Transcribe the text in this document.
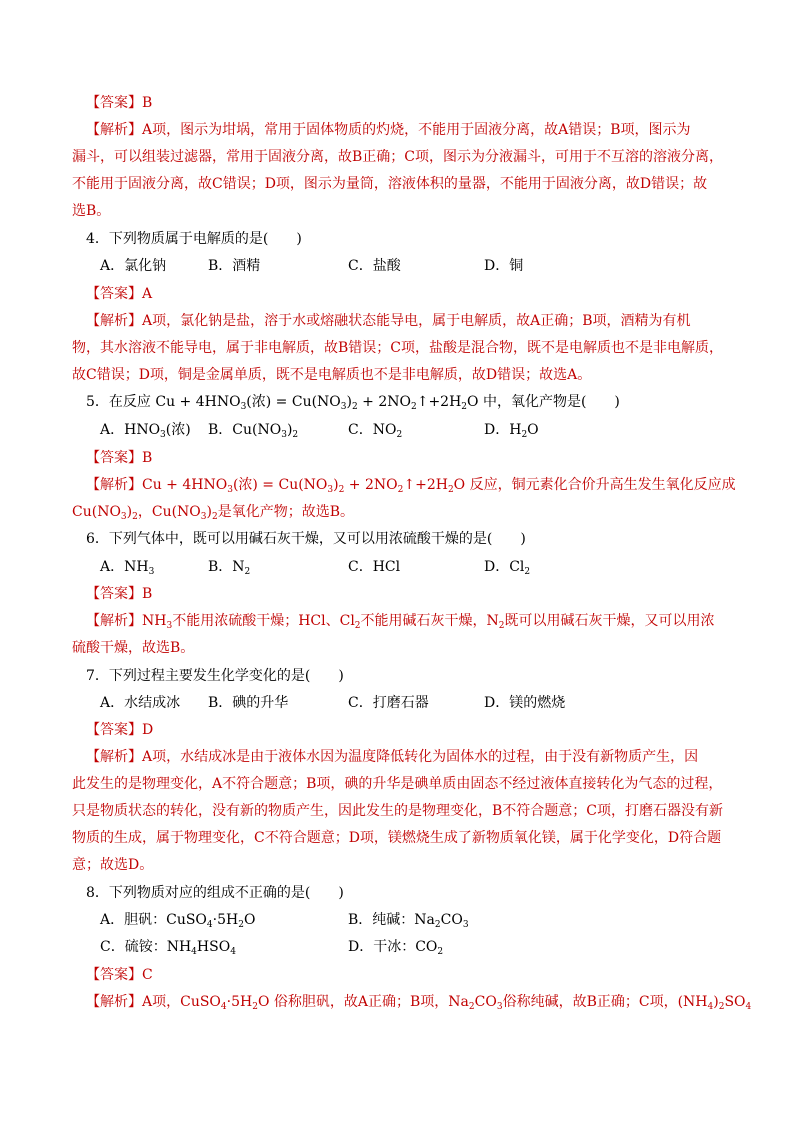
【答案】B
【解析】A项，图示为坩埚，常用于固体物质的灼烧，不能用于固液分离，故A错误；B项，图示为
漏斗，可以组装过滤器，常用于固液分离，故B正确；C项，图示为分液漏斗，可用于不互溶的溶液分离，
不能用于固液分离，故C错误；D项，图示为量筒，溶液体积的量器，不能用于固液分离，故D错误；故
选B。
4．下列物质属于电解质的是(　　)
A．氯化钠	B．酒精	C．盐酸	D．铜
【答案】A
【解析】A项，氯化钠是盐，溶于水或熔融状态能导电，属于电解质，故A正确；B项，酒精为有机
物，其水溶液不能导电，属于非电解质，故B错误；C项，盐酸是混合物，既不是电解质也不是非电解质，
故C错误；D项，铜是金属单质，既不是电解质也不是非电解质，故D错误；故选A。
5．在反应 $Cu + 4HNO_3$(浓) = $Cu(NO_3)_2$ + $2NO_2↑+2H_2O$ 中，氧化产物是(　　)
A．$HNO_3$(浓) B．$Cu(NO_3)_2$	C．$NO_2$	D．$H_2O$
【答案】B
【解析】$Cu + 4HNO_3$(浓) = $Cu(NO_3)_2$ + $2NO_2↑+2H_2O$ 反应，铜元素化合价升高生发生氧化反应成
$Cu(NO_3)_2$，$Cu(NO_3)_2$是氧化产物；故选B。
6．下列气体中，既可以用碱石灰干燥，又可以用浓硫酸干燥的是(　　)
A．$NH_3$	B．$N_2$	C．HCl	D．$Cl_2$
【答案】B
【解析】$NH_3$不能用浓硫酸干燥；HCl、$Cl_2$不能用碱石灰干燥，$N_2$既可以用碱石灰干燥，又可以用浓
硫酸干燥，故选B。
7．下列过程主要发生化学变化的是(　　)
A．水结成冰 B．碘的升华	C．打磨石器	D．镁的燃烧
【答案】D
【解析】A项，水结成冰是由于液体水因为温度降低转化为固体水的过程，由于没有新物质产生，因
此发生的是物理变化，A不符合题意；B项，碘的升华是碘单质由固态不经过液体直接转化为气态的过程，
只是物质状态的转化，没有新的物质产生，因此发生的是物理变化，B不符合题意；C项，打磨石器没有新
物质的生成，属于物理变化，C不符合题意；D项，镁燃烧生成了新物质氧化镁，属于化学变化，D符合题
意；故选D。
8．下列物质对应的组成不正确的是(　　)
A．胆矾：$CuSO_4\cdot 5H_2O$	B．纯碱：$Na_2CO_3$
C．硫铵：$NH_4HSO_4$	D．干冰：$CO_2$
【答案】C
【解析】A项，$CuSO_4\cdot 5H_2O$ 俗称胆矾，故A正确；B项，$Na_2CO_3$俗称纯碱，故B正确；C项，$(NH_4)_2SO_4$
